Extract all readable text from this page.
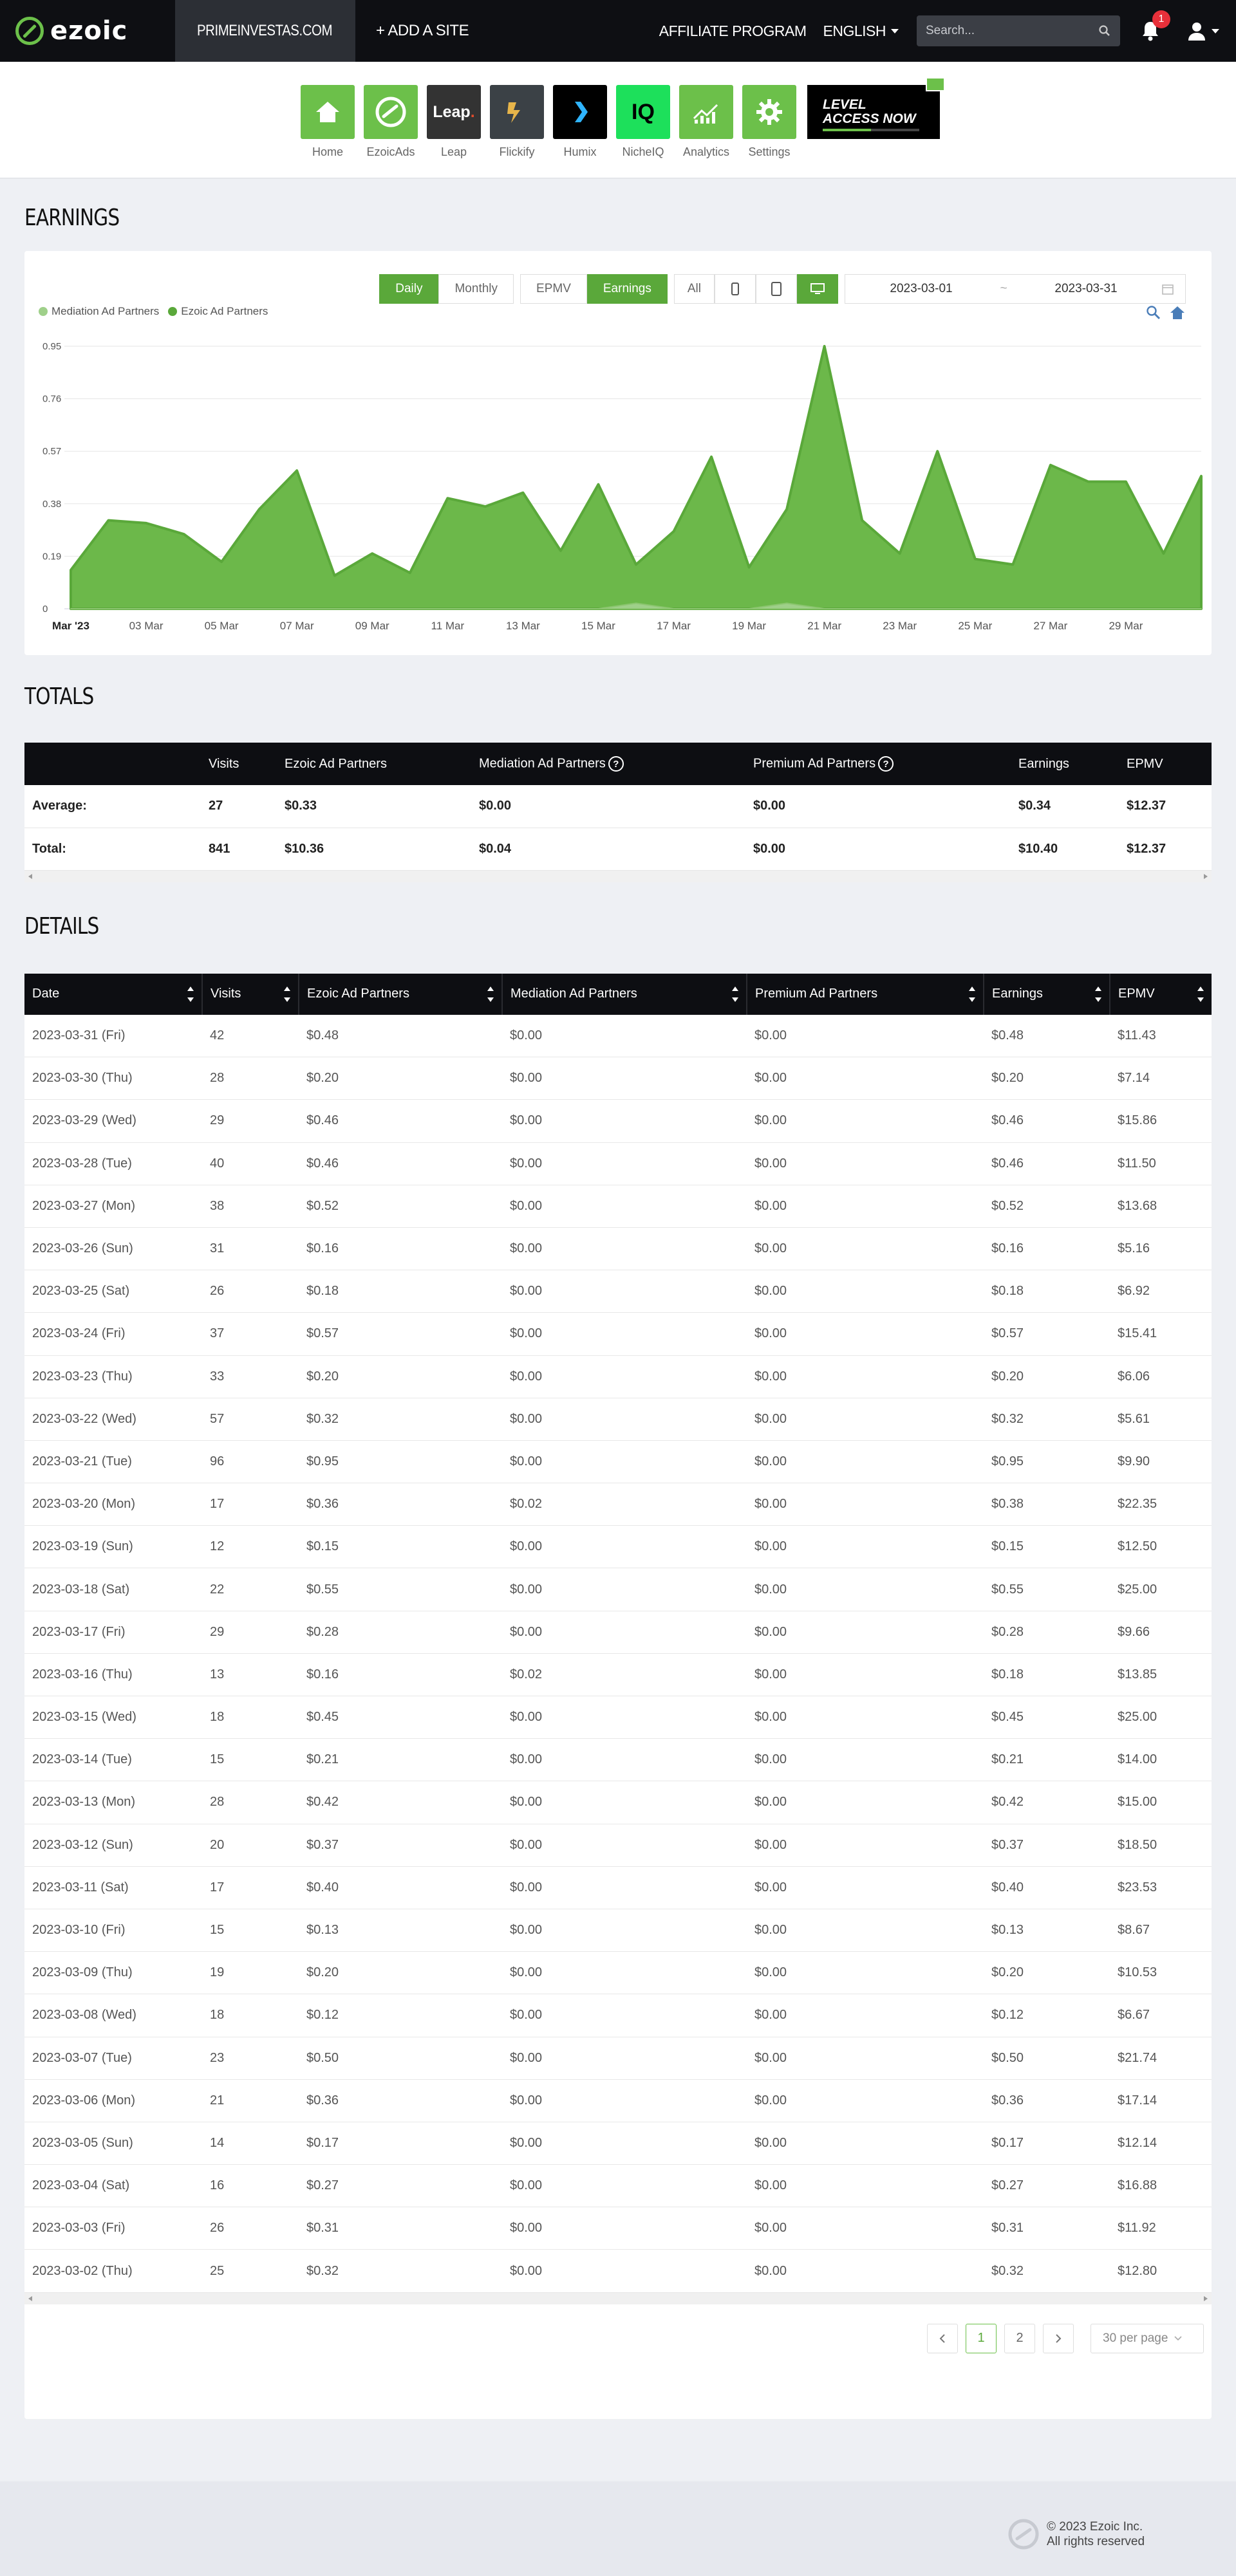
ezoic	PRIMEINVESTAS.COM	+ ADD A SITE	AFFILIATE PROGRAM ENGLISH
Search...
1
Home EzoicAds
Leap.
Leap	Flickify Humix
IQ
NicheIQ Analytics Settings
LEVEL
ACCESS NOW
EARNINGS
Daily	Monthly	EPMV	Earnings	All	2023-03-01	~	2023-03-31
Mediation Ad Partners Ezoic Ad Partners
0
0.19
0.38
0.57
0.76
0.95
Mar '23	03 Mar	05 Mar	07 Mar	09 Mar	11 Mar	13 Mar	15 Mar	17 Mar	19 Mar	21 Mar	23 Mar	25 Mar	27 Mar	29 Mar
TOTALS
	Visits	Ezoic Ad Partners	Mediation Ad Partners ?	Premium Ad Partners ?	Earnings	EPMV
Average:	27	$0.33	$0.00	$0.00	$0.34	$12.37
Total:	841	$10.36	$0.04	$0.00	$10.40	$12.37
DETAILS
Date	Visits	Ezoic Ad Partners	Mediation Ad Partners	Premium Ad Partners	Earnings	EPMV

2023-03-31 (Fri)	42	$0.48	$0.00	$0.00	$0.48	$11.43
2023-03-30 (Thu)	28	$0.20	$0.00	$0.00	$0.20	$7.14
2023-03-29 (Wed)	29	$0.46	$0.00	$0.00	$0.46	$15.86
2023-03-28 (Tue)	40	$0.46	$0.00	$0.00	$0.46	$11.50
2023-03-27 (Mon)	38	$0.52	$0.00	$0.00	$0.52	$13.68
2023-03-26 (Sun)	31	$0.16	$0.00	$0.00	$0.16	$5.16
2023-03-25 (Sat)	26	$0.18	$0.00	$0.00	$0.18	$6.92
2023-03-24 (Fri)	37	$0.57	$0.00	$0.00	$0.57	$15.41
2023-03-23 (Thu)	33	$0.20	$0.00	$0.00	$0.20	$6.06
2023-03-22 (Wed)	57	$0.32	$0.00	$0.00	$0.32	$5.61
2023-03-21 (Tue)	96	$0.95	$0.00	$0.00	$0.95	$9.90
2023-03-20 (Mon)	17	$0.36	$0.02	$0.00	$0.38	$22.35
2023-03-19 (Sun)	12	$0.15	$0.00	$0.00	$0.15	$12.50
2023-03-18 (Sat)	22	$0.55	$0.00	$0.00	$0.55	$25.00
2023-03-17 (Fri)	29	$0.28	$0.00	$0.00	$0.28	$9.66
2023-03-16 (Thu)	13	$0.16	$0.02	$0.00	$0.18	$13.85
2023-03-15 (Wed)	18	$0.45	$0.00	$0.00	$0.45	$25.00
2023-03-14 (Tue)	15	$0.21	$0.00	$0.00	$0.21	$14.00
2023-03-13 (Mon)	28	$0.42	$0.00	$0.00	$0.42	$15.00
2023-03-12 (Sun)	20	$0.37	$0.00	$0.00	$0.37	$18.50
2023-03-11 (Sat)	17	$0.40	$0.00	$0.00	$0.40	$23.53
2023-03-10 (Fri)	15	$0.13	$0.00	$0.00	$0.13	$8.67
2023-03-09 (Thu)	19	$0.20	$0.00	$0.00	$0.20	$10.53
2023-03-08 (Wed)	18	$0.12	$0.00	$0.00	$0.12	$6.67
2023-03-07 (Tue)	23	$0.50	$0.00	$0.00	$0.50	$21.74
2023-03-06 (Mon)	21	$0.36	$0.00	$0.00	$0.36	$17.14
2023-03-05 (Sun)	14	$0.17	$0.00	$0.00	$0.17	$12.14
2023-03-04 (Sat)	16	$0.27	$0.00	$0.00	$0.27	$16.88
2023-03-03 (Fri)	26	$0.31	$0.00	$0.00	$0.31	$11.92
2023-03-02 (Thu)	25	$0.32	$0.00	$0.00	$0.32	$12.80
1	2	30 per page
© 2023 Ezoic Inc.
All rights reserved
